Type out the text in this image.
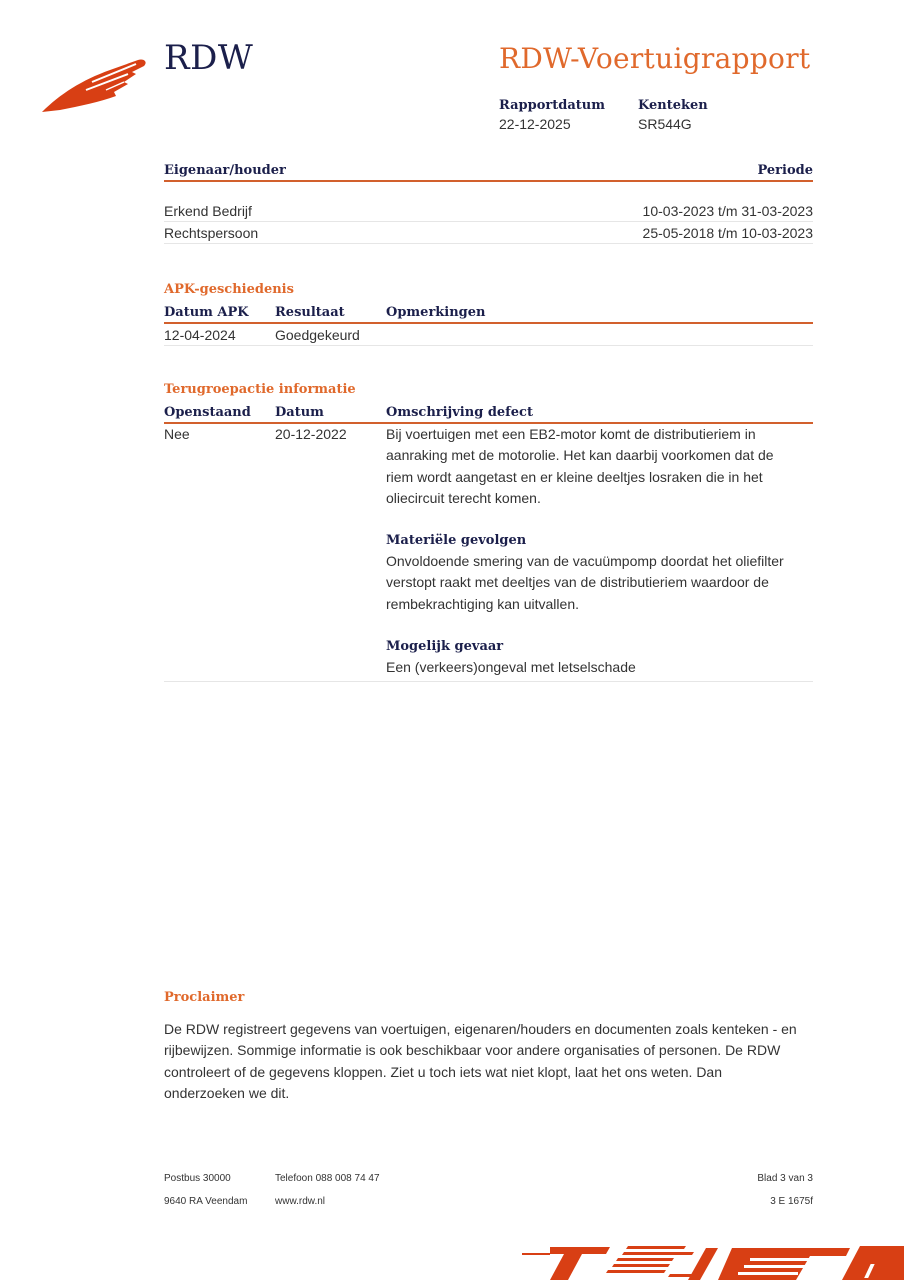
RDW	RDW-Voertuigrapport
Rapportdatum
22-12-2025
Kenteken
SR544G
Eigenaar/houder	Periode
Erkend Bedrijf	10-03-2023 t/m 31-03-2023
Rechtspersoon	25-05-2018 t/m 10-03-2023
APK-geschiedenis
Datum APK	Resultaat	Opmerkingen
12-04-2024	Goedgekeurd
Terugroepactie informatie
Openstaand	Datum	Omschrijving defect
Nee	20-12-2022	Bij voertuigen met een EB2-motor komt de distributieriem in aanraking met de motorolie. Het kan daarbij voorkomen dat de riem wordt aangetast en er kleine deeltjes losraken die in het oliecircuit terecht komen.
Materiële gevolgen
Onvoldoende smering van de vacuümpomp doordat het oliefilter verstopt raakt met deeltjes van de distributieriem waardoor de rembekrachtiging kan uitvallen.
Mogelijk gevaar
Een (verkeers)ongeval met letselschade
Proclaimer
De RDW registreert gegevens van voertuigen, eigenaren/houders en documenten zoals kenteken - en rijbewijzen. Sommige informatie is ook beschikbaar voor andere organisaties of personen. De RDW controleert of de gegevens kloppen. Ziet u toch iets wat niet klopt, laat het ons weten. Dan onderzoeken we dit.
Postbus 30000
9640 RA Veendam
Telefoon 088 008 74 47
www.rdw.nl
Blad 3 van 3
3 E 1675f
